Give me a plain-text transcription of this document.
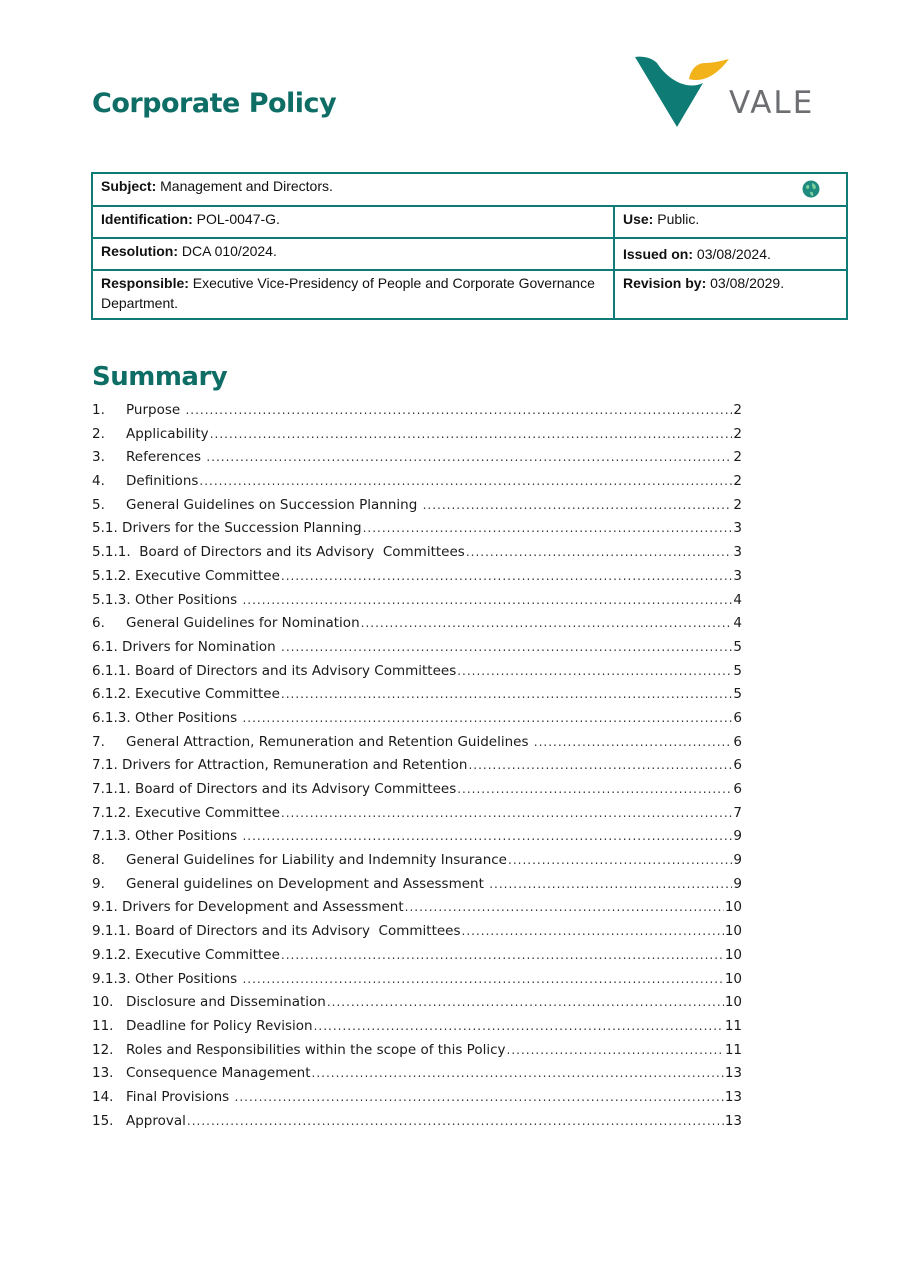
Corporate Policy	VALE
Subject: Management and Directors.	
Identification: POL-0047-G.	Use: Public.
Resolution: DCA 010/2024.	Issued on: 03/08/2024.
Responsible: Executive Vice-Presidency of People and Corporate Governance Department.	Revision by: 03/08/2029.
Summary
1.	Purpose .....	2
2.	Applicability .....	2
3.	References .....	2
4.	Definitions .....	2
5.	General Guidelines on Succession Planning .....	2
5.1. Drivers for the Succession Planning .....	3
5.1.1. Board of Directors and its Advisory  Committees .....	3
5.1.2. Executive Committee .....	3
5.1.3. Other Positions .....	4
6.	General Guidelines for Nomination .....	4
6.1. Drivers for Nomination .....	5
6.1.1. Board of Directors and its Advisory Committees .....	5
6.1.2. Executive Committee .....	5
6.1.3. Other Positions .....	6
7.	General Attraction, Remuneration and Retention Guidelines .....	6
7.1. Drivers for Attraction, Remuneration and Retention .....	6
7.1.1. Board of Directors and its Advisory Committees .....	6
7.1.2. Executive Committee .....	7
7.1.3. Other Positions .....	9
8.	General Guidelines for Liability and Indemnity Insurance .....	9
9.	General guidelines on Development and Assessment .....	9
9.1. Drivers for Development and Assessment .....	10
9.1.1. Board of Directors and its Advisory  Committees .....	10
9.1.2. Executive Committee .....	10
9.1.3. Other Positions .....	10
10. Disclosure and Dissemination .....	10
11. Deadline for Policy Revision .....	11
12. Roles and Responsibilities within the scope of this Policy .....	11
13. Consequence Management .....	13
14. Final Provisions .....	13
15. Approval .....	13
